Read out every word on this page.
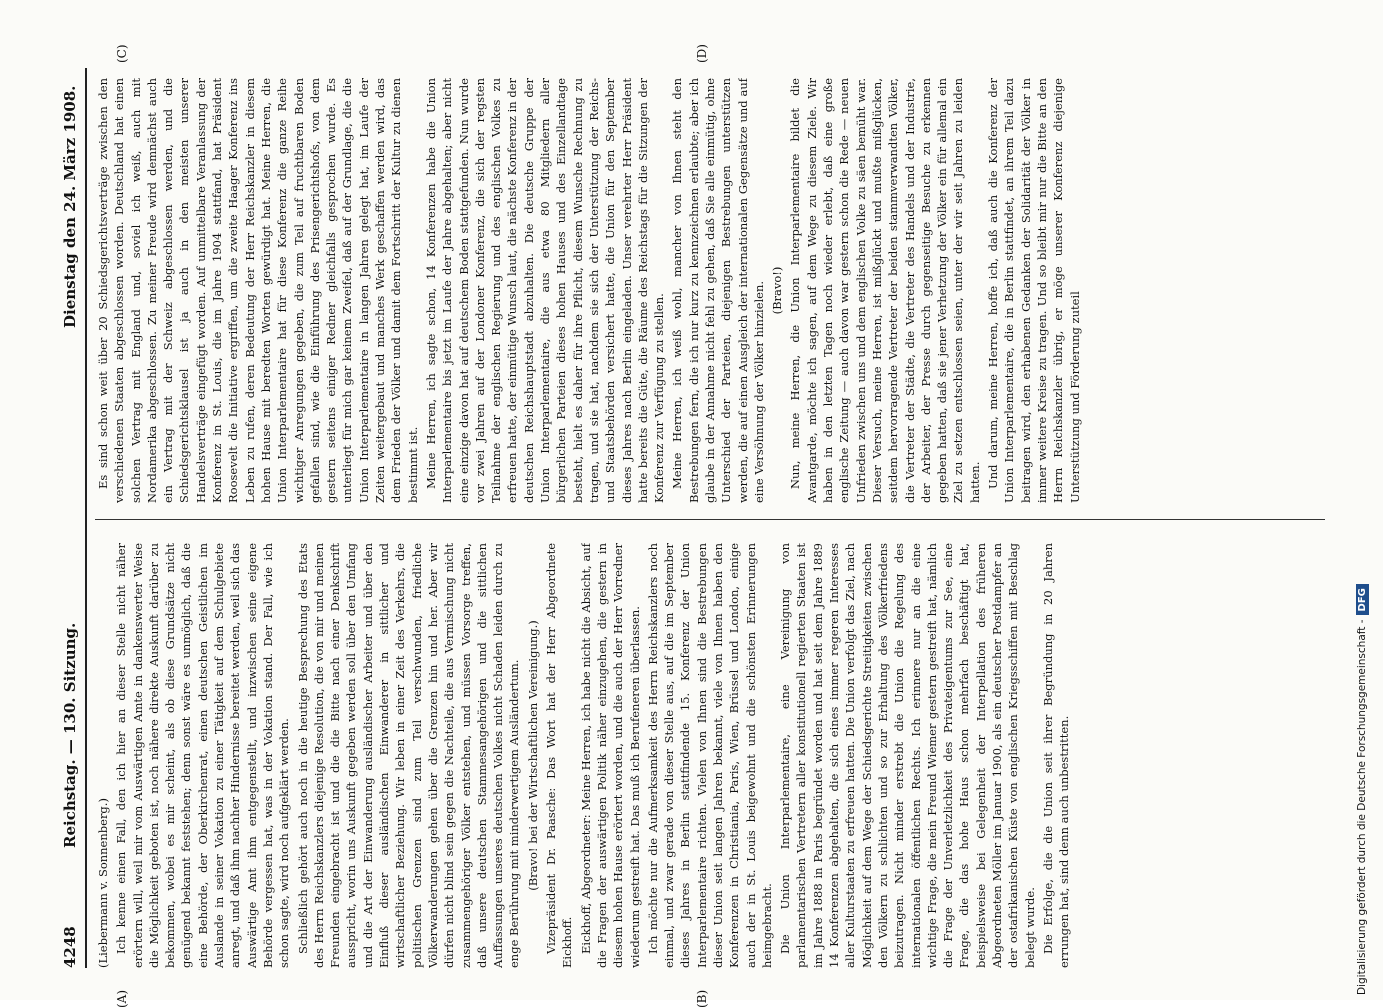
4248
Reichstag. — 130. Sitzung.
Dienstag den 24. März 1908.

(Liebermann v. Sonnenberg.) Ich kenne einen Fall, den ich hier an dieser Stelle nicht näher erörtern will, weil mir vom Auswärtigen Amte in dankenswerter Weise die Möglichkeit geboten ist, noch nähere direkte Auskunft darüber zu bekommen, wobei es mir scheint, als ob diese Grundsätze nicht genügend bekannt feststehen; denn sonst wäre es unmöglich, daß die eine Behörde, der Oberkirchenrat, einen deutschen Geistlichen im Auslande in seiner Vokation zu einer Tätigkeit auf dem Schulgebiete anregt, und daß ihm nachher Hindernisse bereitet werden, weil sich das Auswärtige Amt ihm entgegenstellt, und inzwischen seine eigene Behörde vergessen hat, was in der Vokation stand. Der Fall, wie ich schon sagte, wird noch aufgeklärt werden. Schließlich gehört auch noch in die heutige Besprechung des Etats des Herrn Reichskanzlers diejenige Resolution, die von mir und meinen Freunden eingebracht ist und die die Bitte nach einer Denkschrift ausspricht, worin uns Auskunft gegeben werden soll über den Umfang und die Art der Einwanderung ausländischer Arbeiter und über den Einfluß dieser ausländischen Einwanderer in sittlicher und wirtschaftlicher Beziehung. Wir leben in einer Zeit des Verkehrs, die politischen Grenzen sind zum Teil verschwunden, friedliche Völkerwanderungen gehen über die Grenzen hin und her. Aber wir dürfen nicht blind sein gegen die Nachteile, die aus Vermischung nicht zusammengehöriger Völker entstehen, und müssen Vorsorge treffen, daß unsere deutschen Stammesangehörigen und die sittlichen Auffassungen unseres deutschen Volkes nicht Schaden leiden durch zu enge Berührung mit minderwertigem Ausländertum. (Bravo! bei der Wirtschaftlichen Vereinigung.) Vizepräsident Dr. Paasche: Das Wort hat der Herr Abgeordnete Eickhoff. Eickhoff, Abgeordneter: Meine Herren, ich habe nicht die Absicht, auf die Fragen der auswärtigen Politik näher einzugehen, die gestern in diesem hohen Hause erörtert worden, und die auch der Herr Vorredner wiederum gestreift hat. Das muß ich Berufeneren überlassen. Ich möchte nur die Aufmerksamkeit des Herrn Reichskanzlers noch einmal, und zwar gerade von dieser Stelle aus, auf die im September dieses Jahres in Berlin stattfindende 15. Konferenz der Union Interparlementaire richten. Vielen von Ihnen sind die Bestrebungen dieser Union seit langen Jahren bekannt, viele von Ihnen haben den Konferenzen in Christiania, Paris, Wien, Brüssel und London, einige auch der in St. Louis beigewohnt und die schönsten Erinnerungen heimgebracht. Die Union Interparlementaire, eine Vereinigung von parlamentarischen Vertretern aller konstitutionell regierten Staaten ist im Jahre 1888 in Paris begründet worden und hat seit dem Jahre 1889 14 Konferenzen abgehalten, die sich eines immer regeren Interesses aller Kulturstaaten zu erfreuen hatten. Die Union verfolgt das Ziel, nach Möglichkeit auf dem Wege der Schiedsgerichte Streitigkeiten zwischen den Völkern zu schlichten und so zur Erhaltung des Völkerfriedens beizutragen. Nicht minder erstrebt die Union die Regelung des internationalen öffentlichen Rechts. Ich erinnere nur an die eine wichtige Frage, die mein Freund Wiemer gestern gestreift hat, nämlich die Frage der Unverletzlichkeit des Privateigentums zur See, eine Frage, die das hohe Haus schon mehrfach beschäftigt hat, beispielsweise bei Gelegenheit der Interpellation des früheren Abgeordneten Möller im Januar 1900, als ein deutscher Postdampfer an der ostafrikanischen Küste von englischen Kriegsschiffen mit Beschlag belegt wurde. Die Erfolge, die die Union seit ihrer Begründung in 20 Jahren errungen hat, sind denn auch unbestritten.

Es sind schon weit über 20 Schiedsgerichtsverträge zwischen den verschiedenen Staaten abgeschlossen worden. Deutschland hat einen solchen Vertrag mit England und, soviel ich weiß, auch mit Nordamerika abgeschlossen. Zu meiner Freude wird demnächst auch ein Vertrag mit der Schweiz abgeschlossen werden, und die Schiedsgerichtsklausel ist ja auch in den meisten unserer Handelsverträge eingefügt worden. Auf unmittelbare Veranlassung der Konferenz in St. Louis, die im Jahre 1904 stattfand, hat Präsident Roosevelt die Initiative ergriffen, um die zweite Haager Konferenz ins Leben zu rufen, deren Bedeutung der Herr Reichskanzler in diesem hohen Hause mit beredten Worten gewürdigt hat. Meine Herren, die Union Interparlementaire hat für diese Konferenz die ganze Reihe wichtiger Anregungen gegeben, die zum Teil auf fruchtbaren Boden gefallen sind, wie die Einführung des Prisengerichtshofs, von dem gestern seitens einiger Redner gleichfalls gesprochen wurde. Es unterliegt für mich gar keinem Zweifel, daß auf der Grundlage, die die Union Interparlementaire in langen Jahren gelegt hat, im Laufe der Zeiten weitergebaut und manches Werk geschaffen werden wird, das dem Frieden der Völker und damit dem Fortschritt der Kultur zu dienen bestimmt ist. Meine Herren, ich sagte schon, 14 Konferenzen habe die Union Interparlementaire bis jetzt im Laufe der Jahre abgehalten; aber nicht eine einzige davon hat auf deutschem Boden stattgefunden. Nun wurde vor zwei Jahren auf der Londoner Konferenz, die sich der regsten Teilnahme der englischen Regierung und des englischen Volkes zu erfreuen hatte, der einmütige Wunsch laut, die nächste Konferenz in der deutschen Reichshauptstadt abzuhalten. Die deutsche Gruppe der Union Interparlementaire, die aus etwa 80 Mitgliedern aller bürgerlichen Parteien dieses hohen Hauses und des Einzellandtage besteht, hielt es daher für ihre Pflicht, diesem Wunsche Rechnung zu tragen, und sie hat, nachdem sie sich der Unterstützung der Reichs- und Staatsbehörden versichert hatte, die Union für den September dieses Jahres nach Berlin eingeladen. Unser verehrter Herr Präsident hatte bereits die Güte, die Räume des Reichstags für die Sitzungen der Konferenz zur Verfügung zu stellen. Meine Herren, ich weiß wohl, mancher von Ihnen steht den Bestrebungen fern, die ich nur kurz zu kennzeichnen erlaubte; aber ich glaube in der Annahme nicht fehl zu gehen, daß Sie alle einmütig, ohne Unterschied der Parteien, diejenigen Bestrebungen unterstützen werden, die auf einen Ausgleich der internationalen Gegensätze und auf eine Versöhnung der Völker hinzielen. (Bravo!) Nun, meine Herren, die Union Interparlementaire bildet die Avantgarde, möchte ich sagen, auf dem Wege zu diesem Ziele. Wir haben in den letzten Tagen noch wieder erlebt, daß eine große englische Zeitung — auch davon war gestern schon die Rede — neuen Unfrieden zwischen uns und dem englischen Volke zu säen bemüht war. Dieser Versuch, meine Herren, ist mißglückt und mußte mißglücken, seitdem hervorragende Vertreter der beiden stammverwandten Völker, die Vertreter der Städte, die Vertreter des Handels und der Industrie, der Arbeiter, der Presse durch gegenseitige Besuche zu erkennen gegeben hatten, daß sie jener Verhetzung der Völker ein für allemal ein Ziel zu setzen entschlossen seien, unter der wir seit Jahren zu leiden hatten. Und darum, meine Herren, hoffe ich, daß auch die Konferenz der Union Interparlementaire, die in Berlin stattfindet, an ihrem Teil dazu beitragen wird, den erhabenen Gedanken der Solidarität der Völker in immer weitere Kreise zu tragen. Und so bleibt mir nur die Bitte an den Herrn Reichskanzler übrig, er möge unserer Konferenz diejenige Unterstützung und Förderung zuteil

(A)	(B)
(C)	(D)
Digitalisierung gefördert durch die Deutsche Forschungsgemeinschaft -DFG
